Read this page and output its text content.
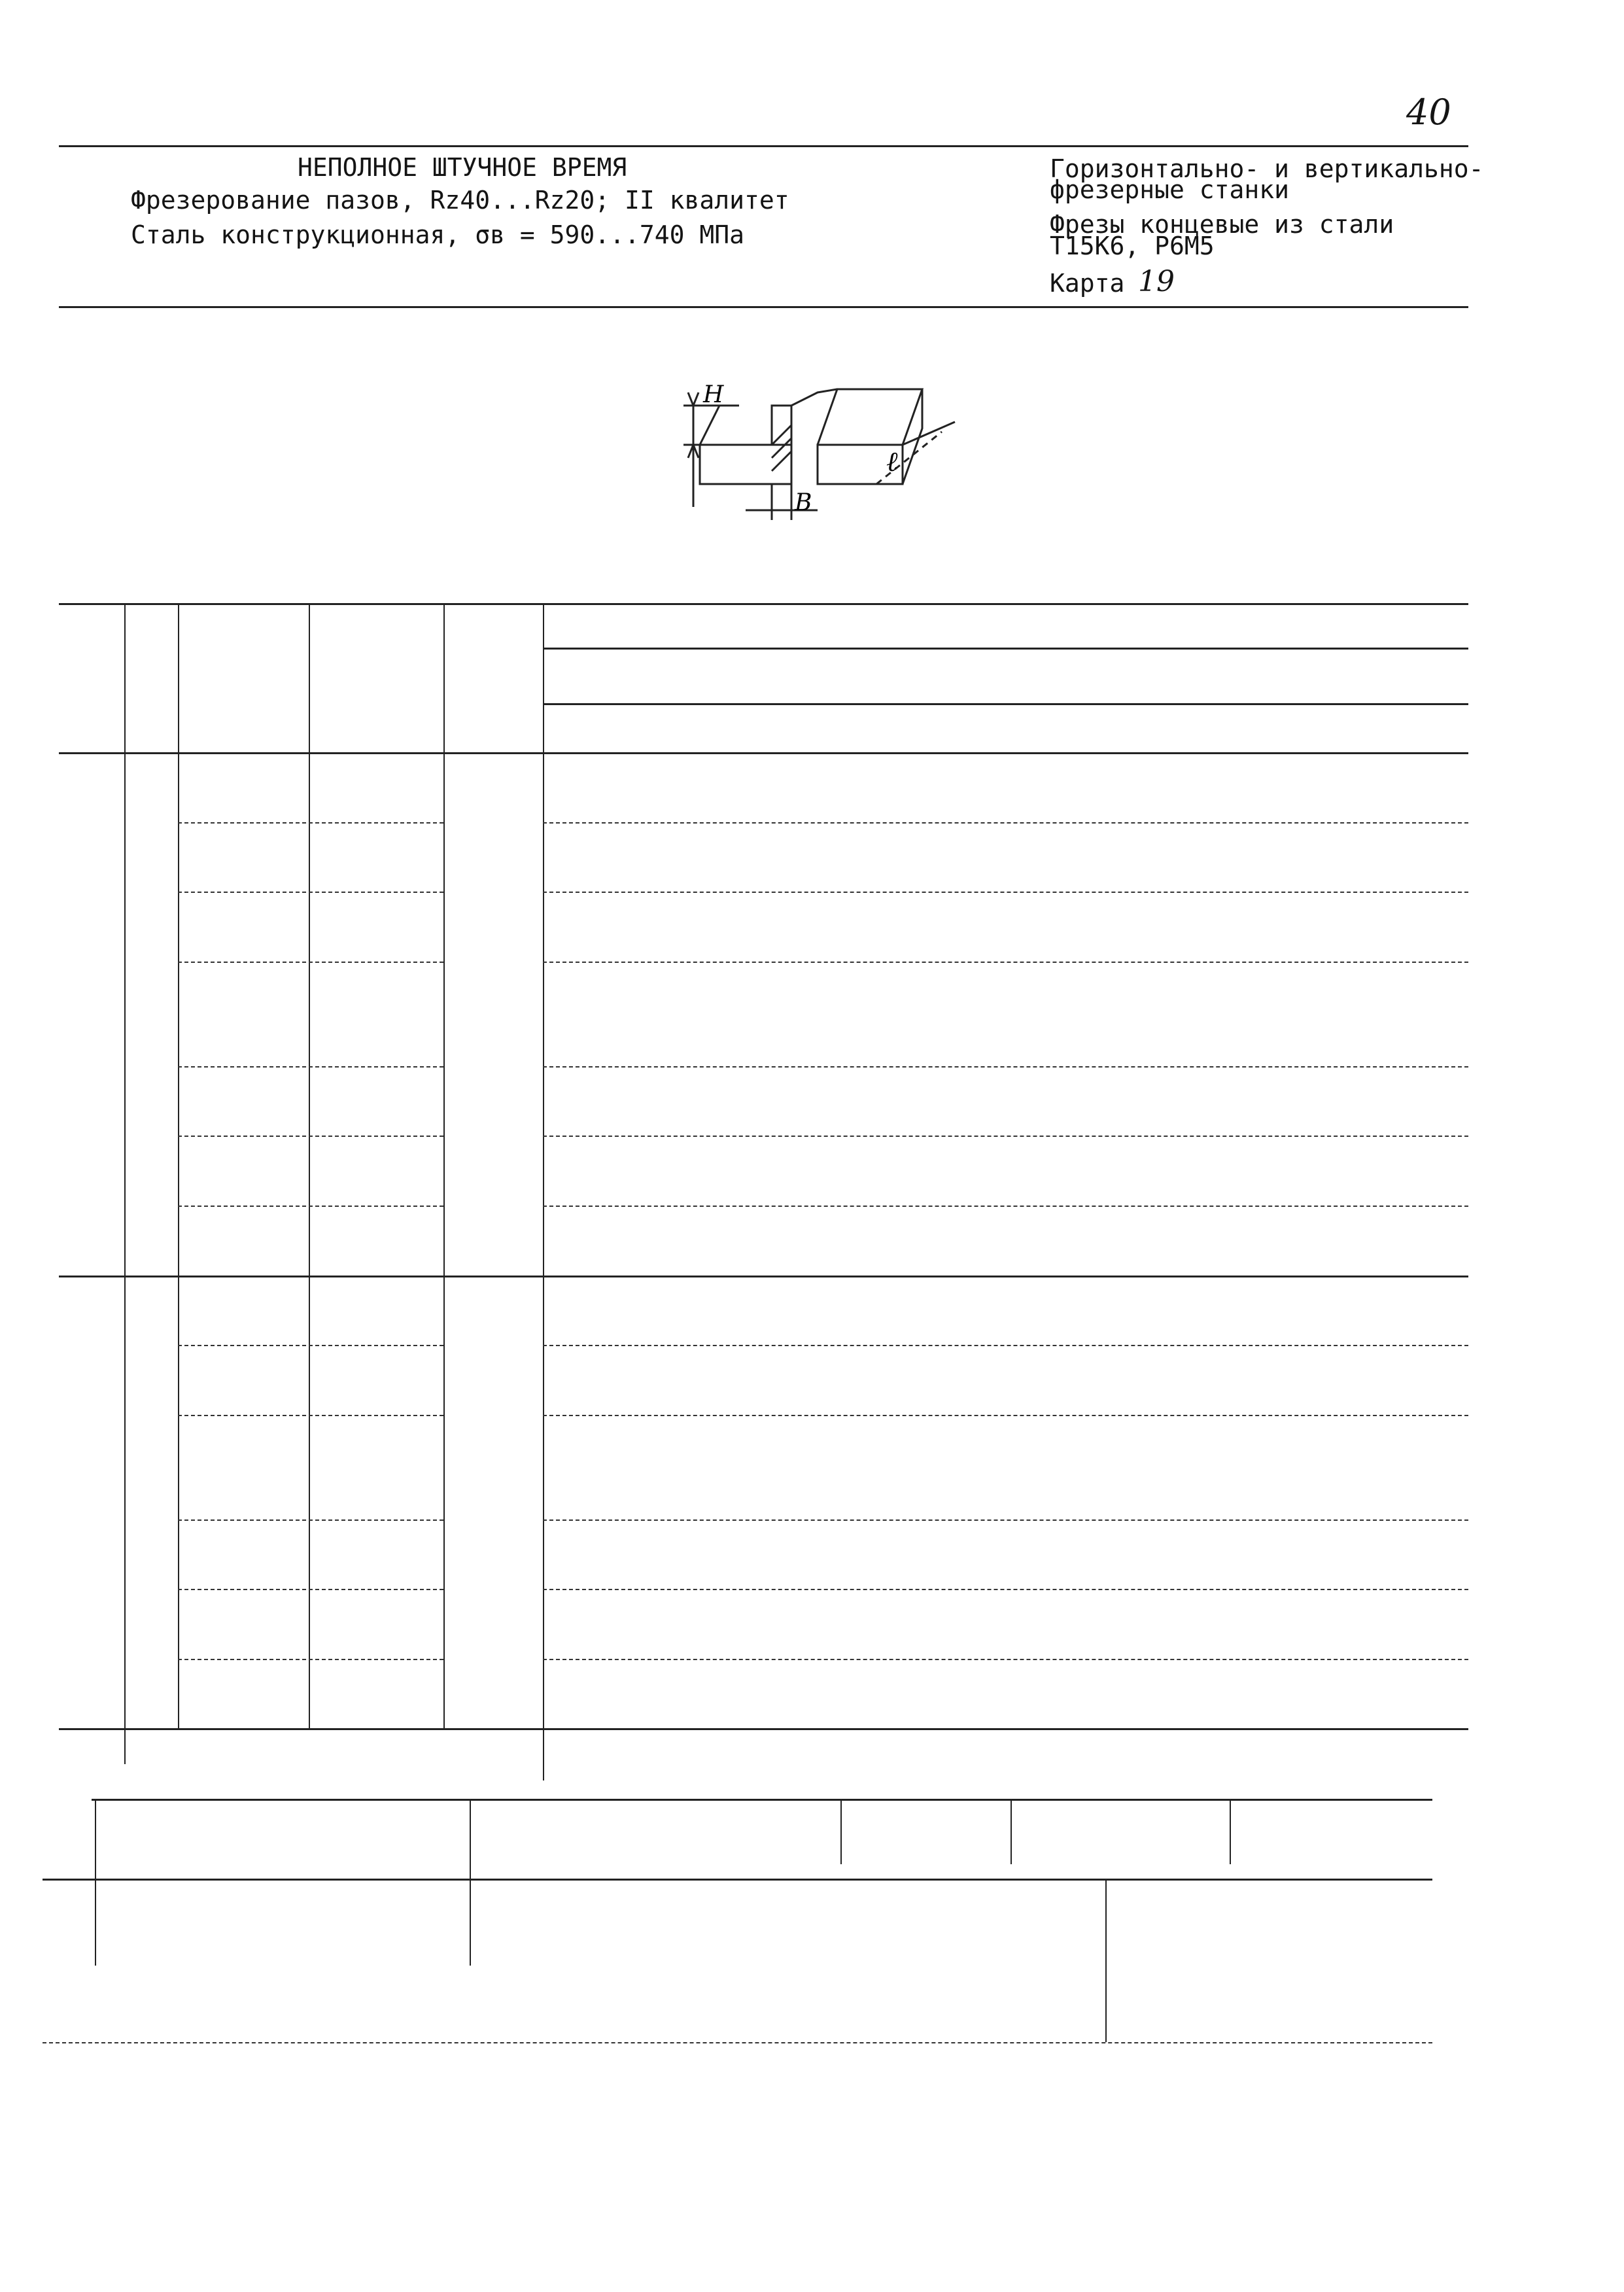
40
НЕПОЛНОЕ ШТУЧНОЕ ВРЕМЯ
Фрезерование пазов, Rz40...Rz20; II квалитет
Сталь конструкционная, σв = 590...740 МПа
Горизонтально- и вертикально-
фрезерные станки
Фрезы концевые из стали
Т15К6, Р6М5
Карта 19
H
B
ℓ
